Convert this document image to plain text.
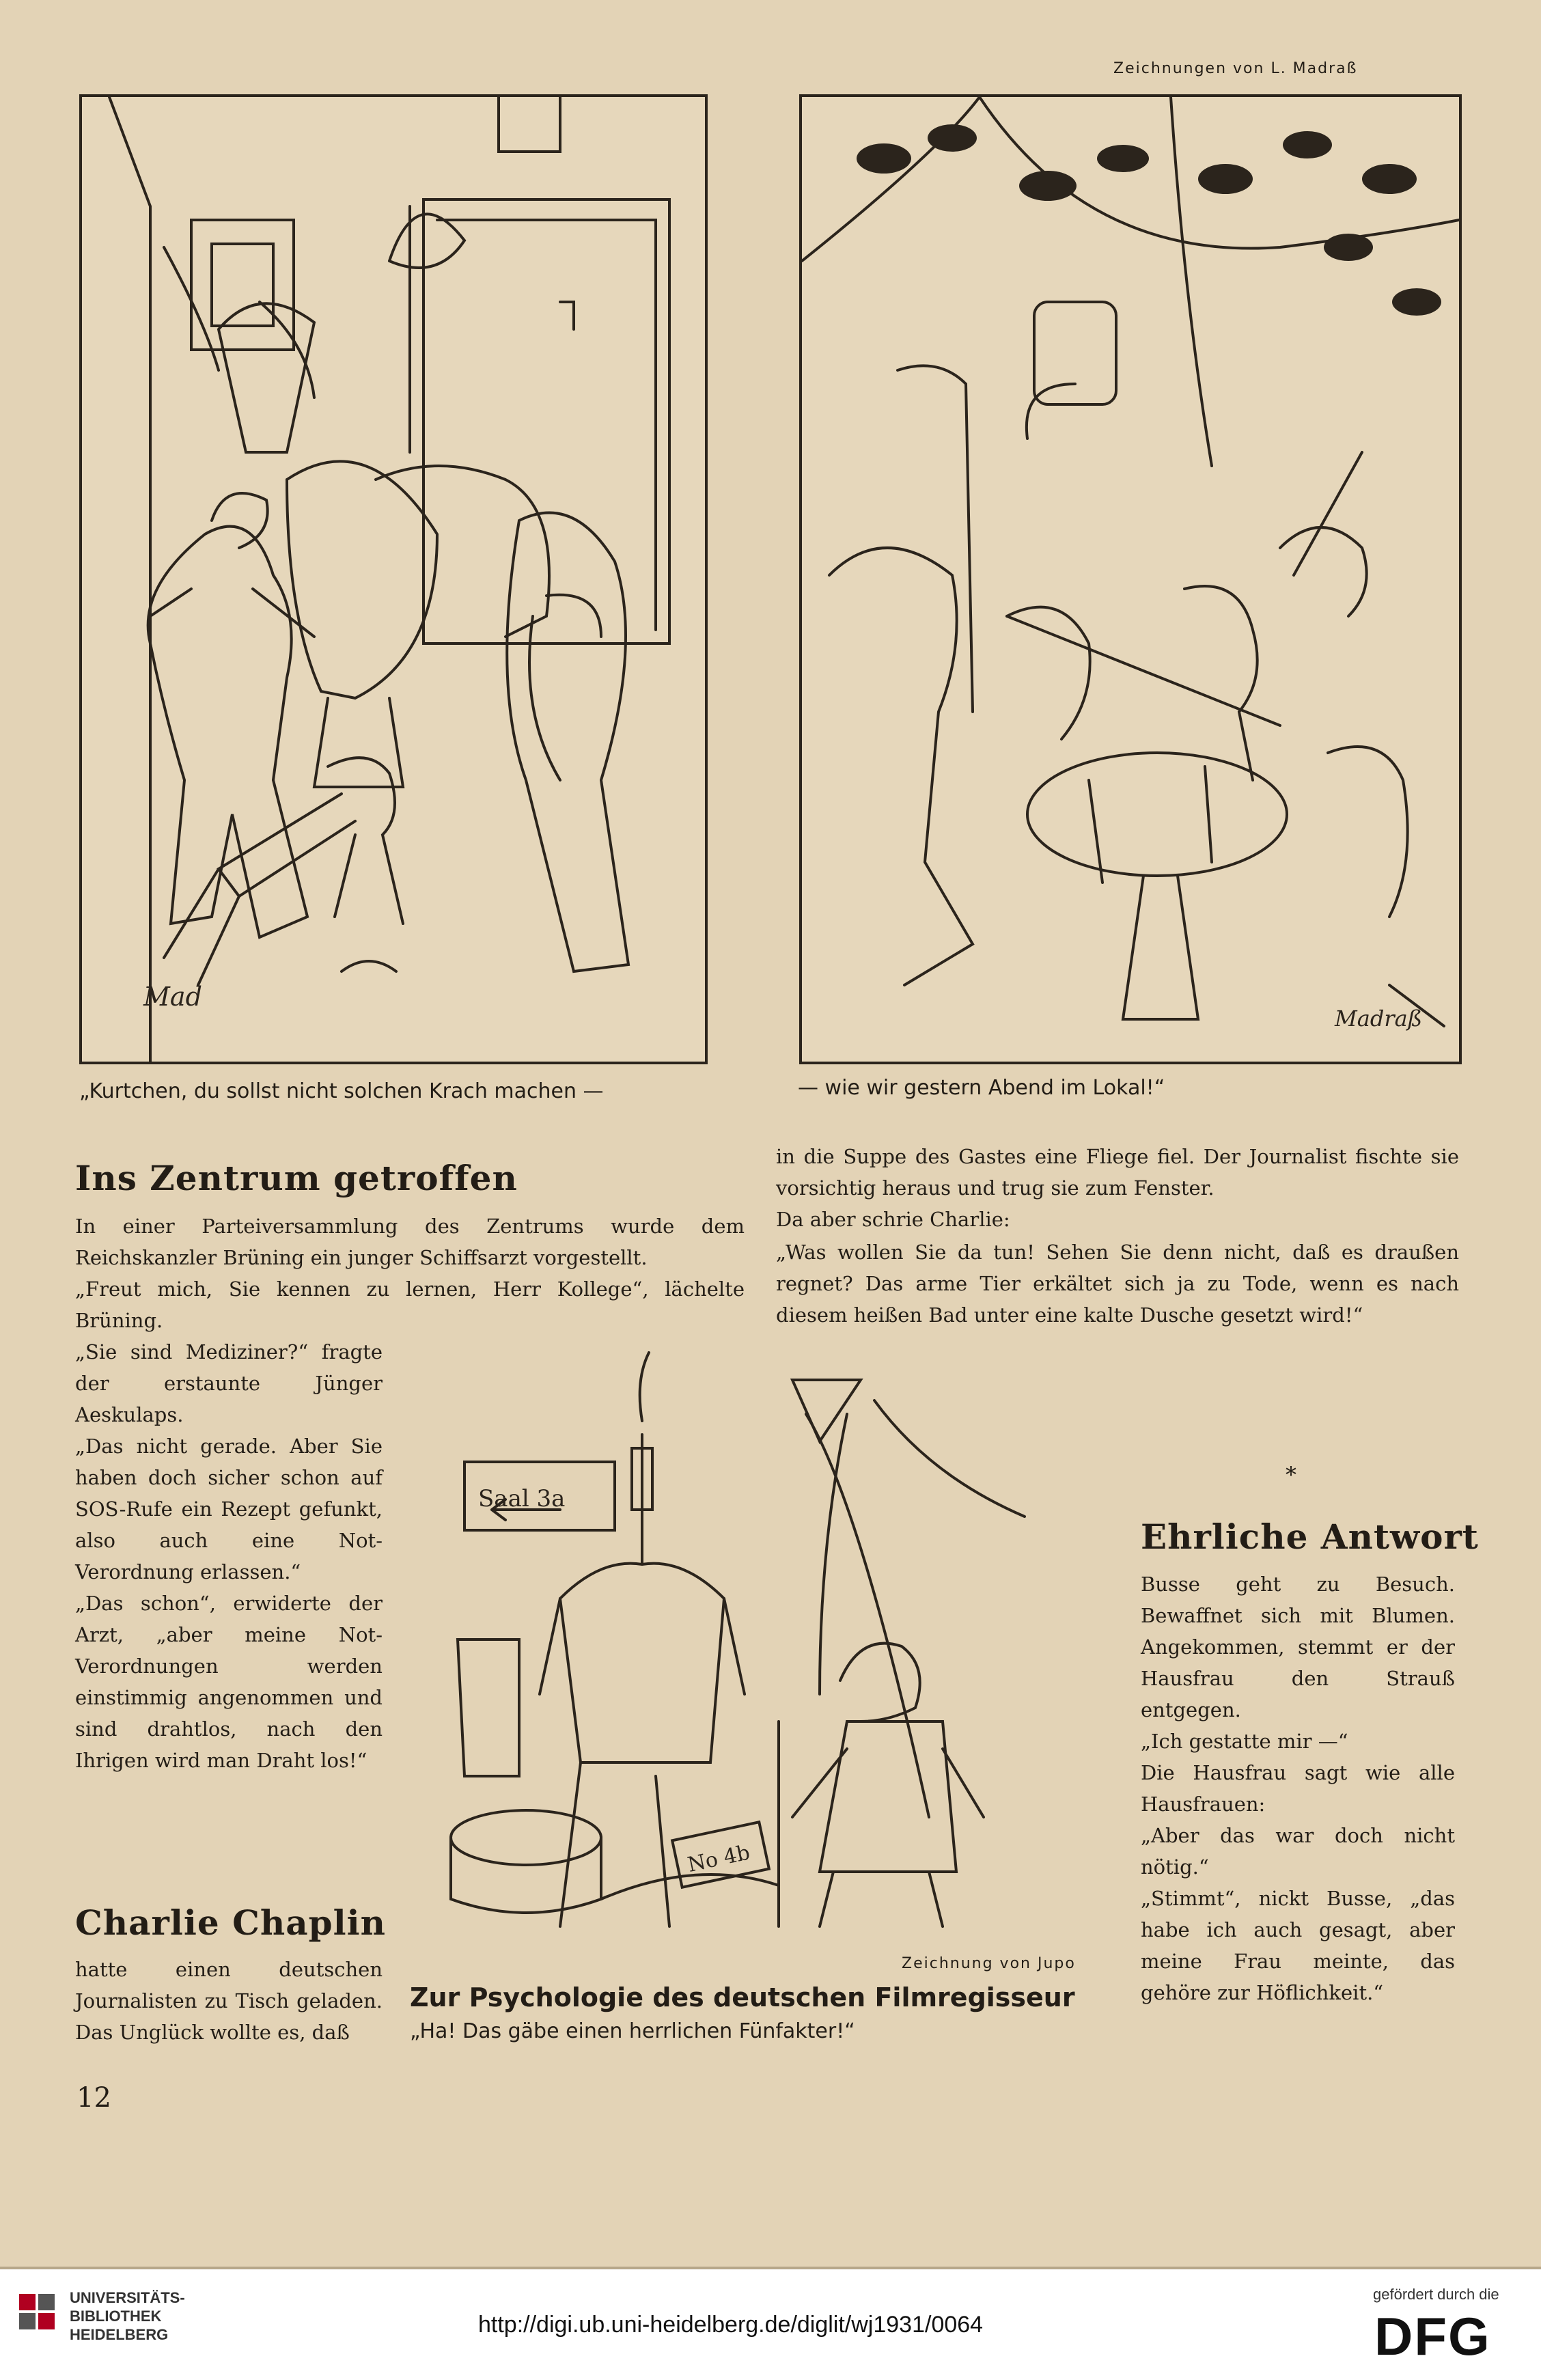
Zeichnungen von L. Madraß
Mad
„Kurtchen, du sollst nicht solchen Krach machen —
Madraß
— wie wir gestern Abend im Lokal!“
Ins Zentrum getroffen

In einer Parteiversammlung des Zentrums wurde dem Reichskanzler Brüning ein junger Schiffsarzt vorgestellt.

„Freut mich, Sie kennen zu lernen, Herr Kollege“, lächelte Brüning.

„Sie sind Mediziner?“ fragte der erstaunte Jünger Aeskulaps.

„Das nicht gerade. Aber Sie haben doch sicher schon auf SOS-Rufe ein Rezept gefunkt, also auch eine Not-Verordnung erlassen.“

„Das schon“, erwiderte der Arzt, „aber meine Not-Verordnungen werden einstimmig angenommen und sind drahtlos, nach den Ihrigen wird man Draht los!“

Charlie Chaplin

hatte einen deutschen Journalisten zu Tisch geladen. Das Unglück wollte es, daß

in die Suppe des Gastes eine Fliege fiel. Der Journalist fischte sie vorsichtig heraus und trug sie zum Fenster.

Da aber schrie Charlie:

„Was wollen Sie da tun! Sehen Sie denn nicht, daß es draußen regnet? Das arme Tier erkältet sich ja zu Tode, wenn es nach diesem heißen Bad unter eine kalte Dusche gesetzt wird!“

*
Ehrliche Antwort

Busse geht zu Besuch. Bewaffnet sich mit Blumen. Angekommen, stemmt er der Hausfrau den Strauß entgegen.

„Ich gestatte mir —“

Die Hausfrau sagt wie alle Hausfrauen:

„Aber das war doch nicht nötig.“

„Stimmt“, nickt Busse, „das habe ich auch gesagt, aber meine Frau meinte, das gehöre zur Höflichkeit.“

Saal 3a
No 4b
Zeichnung von Jupo
Zur Psychologie des deutschen Filmregisseur
„Ha! Das gäbe einen herrlichen Fünfakter!“
12
UNIVERSITÄTS-
BIBLIOTHEK
HEIDELBERG	http://digi.ub.uni-heidelberg.de/diglit/wj1931/0064
gefördert durch die
DFG
